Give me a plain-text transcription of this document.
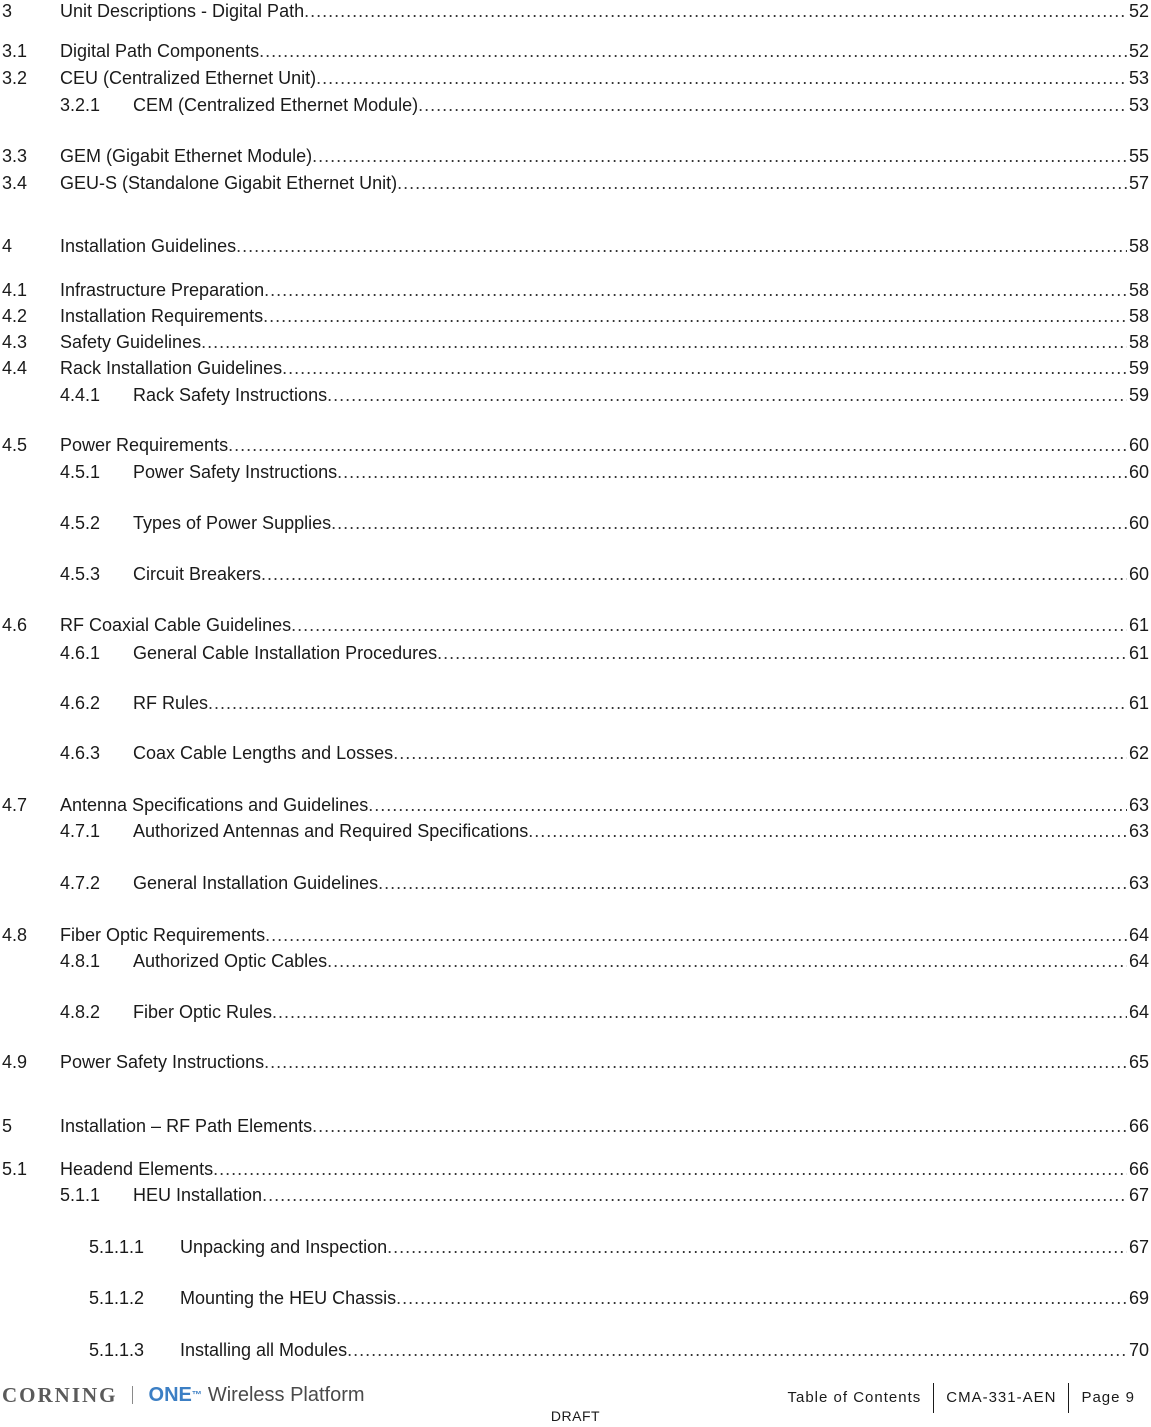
3	Unit Descriptions - Digital Path .....	52
3.1 Digital Path Components .....	52
3.2 CEU (Centralized Ethernet Unit) .....	53
3.2.1 CEM (Centralized Ethernet Module) .....	53
3.3 GEM (Gigabit Ethernet Module) .....	55
3.4 GEU-S (Standalone Gigabit Ethernet Unit) .....	57
4	Installation Guidelines .....	58
4.1 Infrastructure Preparation .....	58
4.2 Installation Requirements .....	58
4.3 Safety Guidelines .....	58
4.4 Rack Installation Guidelines .....	59
4.4.1 Rack Safety Instructions .....	59
4.5 Power Requirements .....	60
4.5.1 Power Safety Instructions .....	60
4.5.2 Types of Power Supplies .....	60
4.5.3 Circuit Breakers .....	60
4.6 RF Coaxial Cable Guidelines .....	61
4.6.1 General Cable Installation Procedures .....	61
4.6.2 RF Rules .....	61
4.6.3 Coax Cable Lengths and Losses .....	62
4.7 Antenna Specifications and Guidelines .....	63
4.7.1 Authorized Antennas and Required Specifications .....	63
4.7.2 General Installation Guidelines .....	63
4.8 Fiber Optic Requirements .....	64
4.8.1 Authorized Optic Cables .....	64
4.8.2 Fiber Optic Rules .....	64
4.9 Power Safety Instructions .....	65
5	Installation – RF Path Elements .....	66
5.1 Headend Elements .....	66
5.1.1 HEU Installation .....	67
5.1.1.1 Unpacking and Inspection .....	67
5.1.1.2 Mounting the HEU Chassis .....	69
5.1.1.3 Installing all Modules .....	70
CORNING ONE ™ Wireless Platform	Table of Contents	CMA-331-AEN	Page 9
DRAFT
